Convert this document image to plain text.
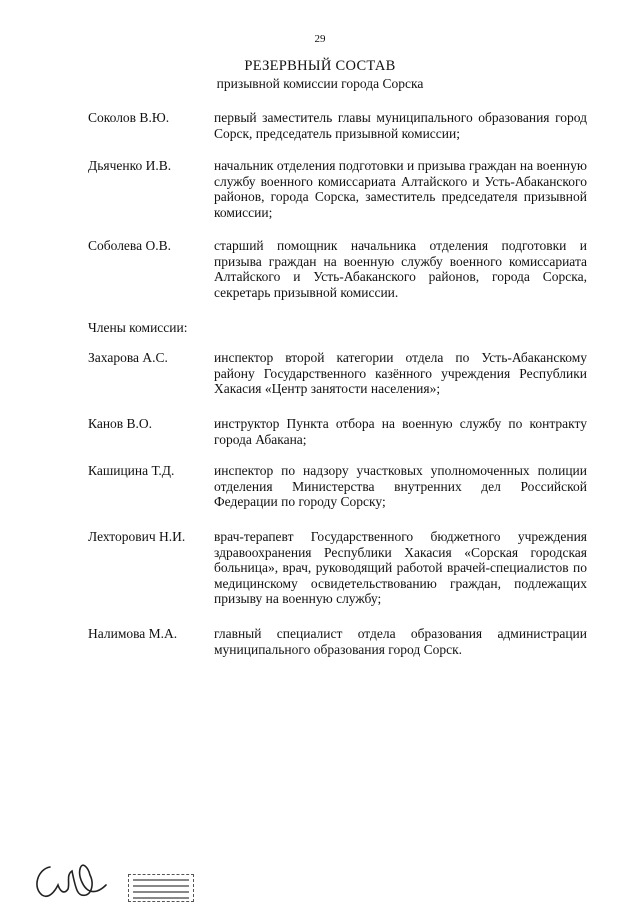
29
РЕЗЕРВНЫЙ СОСТАВ
призывной комиссии города Сорска
Соколов В.Ю.	первый заместитель главы муниципального образования город Сорск, председатель призывной комиссии;
Дьяченко И.В.	начальник отделения подготовки и призыва граждан на военную службу военного комиссариата Алтайского и Усть-Абаканского районов, города Сорска, заместитель председателя призывной комиссии;
Соболева О.В.	старший помощник начальника отделения подготовки и призыва граждан на военную службу военного комиссариата Алтайского и Усть-Абаканского районов, города Сорска, секретарь призывной комиссии.
Члены комиссии:
Захарова А.С.	инспектор второй категории отдела по Усть-Абаканскому району Государственного казённого учреждения Республики Хакасия «Центр занятости населения»;
Канов В.О.	инструктор Пункта отбора на военную службу по контракту города Абакана;
Кашицина Т.Д.	инспектор по надзору участковых уполномоченных полиции отделения Министерства внутренних дел Российской Федерации по городу Сорску;
Лехторович Н.И.	врач-терапевт Государственного бюджетного учреждения здравоохранения Республики Хакасия «Сорская городская больница», врач, руководящий работой врачей-специалистов по медицинскому освидетельствованию граждан, подлежащих призыву на военную службу;
Налимова М.А.	главный специалист отдела образования администрации муниципального образования город Сорск.
